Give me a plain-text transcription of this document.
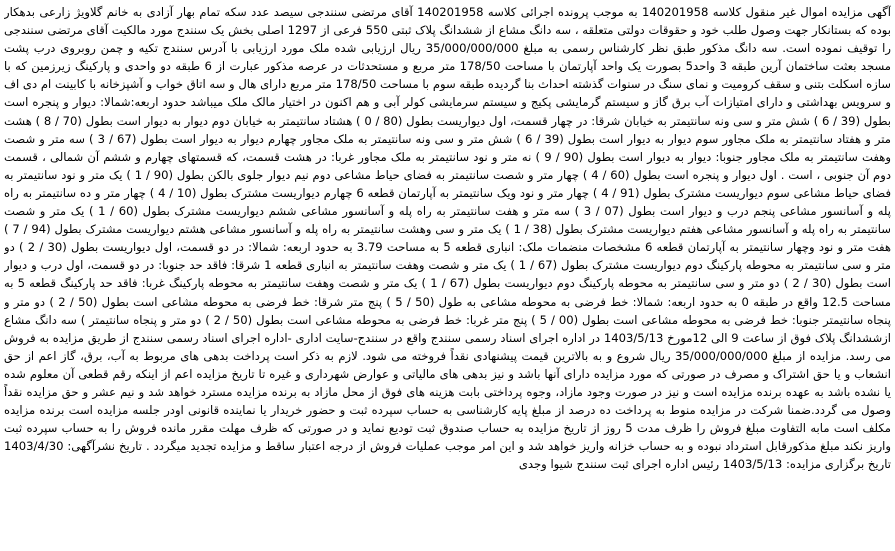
آگهی مزایده اموال غیر منقول کلاسه 140201958 به موجب پرونده اجرائی کلاسه 140201958 آقای مرتضی سنندجی سیصد عدد سکه تمام بهار آزادی به خانم گلاویژ زارعی بدهکار بوده که بستانکار جهت وصول طلب خود و حقوقات دولتی متعلقه ، سه دانگ مشاع از ششدانگ پلاک ثبتی 550 فرعی از 1297 اصلی بخش یک سنندج مورد مالکیت آقای مرتضی سنندجی را توقیف نموده است. سه دانگ مذکور طبق نظر کارشناس رسمی به مبلغ 35/000/000/000 ریال ارزیابی شده ملک مورد ارزیابی با آدرس سنندج تکیه و چمن روبروی درب پشت مسجد بعثت ساختمان آرین طبقه 3 واحد5 بصورت یک واحد آپارتمان با مساحت 178/50 متر مربع و مستحدثات در عرصه مذکور عبارت از 6 طبقه دو واحدی و پارکینگ زیرزمین که با سازه اسکلت بتنی و سقف کرومیت و نمای سنگ در سنوات گذشته احداث بنا گردیده طبقه سوم با مساحت 178/50 متر مربع دارای هال و سه اتاق خواب و آشپزخانه با کابینت ام دی اف و سرویس بهداشتی و دارای امتیازات آب برق گاز و سیستم گرمایشی پکیج و سیستم سرمایشی کولر آبی و هم اکنون در اختیار مالک ملک میباشد حدود اربعه:شمالا: دیوار و پنجره است بطول (39 / 6 ) شش متر و سی ونه سانتیمتر به خیابان شرقا: در چهار قسمت، اول دیواریست بطول (80 / 0 ) هشتاد سانتیمتر به خیابان دوم دیوار به دیوار است بطول (70 / 8 ) هشت متر و هفتاد سانتیمتر به ملک مجاور سوم دیوار به دیوار است بطول (39 / 6 ) شش متر و سی ونه سانتیمتر به ملک مجاور چهارم دیوار به دیوار است بطول (67 / 3 ) سه متر و شصت وهفت سانتیمتر به ملک مجاور جنوبا: دیوار به دیوار است بطول (90 / 9 ) نه متر و نود سانتیمتر به ملک مجاور غربا: در هشت قسمت، که قسمتهای چهارم و ششم آن شمالی ، قسمت دوم آن جنوبی ، است . اول دیوار و پنجره است بطول (60 / 4 ) چهار متر و شصت سانتیمتر به فضای حیاط مشاعی دوم نیم دیوار جلوی بالکن بطول (90 / 1 ) یک متر و نود سانتیمتر به فضای حیاط مشاعی سوم دیواریست مشترک بطول (91 / 4 ) چهار متر و نود ویک سانتیمتر به آپارتمان قطعه 6 چهارم دیواریست مشترک بطول (10 / 4 ) چهار متر و ده سانتیمتر به راه پله و آسانسور مشاعی پنجم درب و دیوار است بطول (07 / 3 ) سه متر و هفت سانتیمتر به راه پله و آسانسور مشاعی ششم دیواریست مشترک بطول (60 / 1 ) یک متر و شصت سانتیمتر به راه پله و آسانسور مشاعی هفتم دیواریست مشترک بطول (38 / 1 ) یک متر و سی وهشت سانتیمتر به راه پله و آسانسور مشاعی هشتم دیواریست مشترک بطول (94 / 7 ) هفت متر و نود وچهار سانتیمتر به آپارتمان قطعه 6 مشخصات منضمات ملک: انباری قطعه 5 به مساحت 3.79 به حدود اربعه: شمالا: در دو قسمت، اول دیواریست بطول (30 / 2 ) دو متر و سی سانتیمتر به محوطه پارکینگ دوم دیواریست مشترک بطول (67 / 1 ) یک متر و شصت وهفت سانتیمتر به انباری قطعه 1 شرقا: فاقد حد جنوبا: در دو قسمت، اول درب و دیوار است بطول (30 / 2 ) دو متر و سی سانتیمتر به محوطه پارکینگ دوم دیواریست بطول (67 / 1 ) یک متر و شصت وهفت سانتیمتر به محوطه پارکینگ غربا: فاقد حد پارکینگ قطعه 5 به مساحت 12.5 واقع در طبقه 0 به حدود اربعه: شمالا: خط فرضی به محوطه مشاعی به طول (50 / 5 ) پنج متر شرقا: خط فرضی به محوطه مشاعی است بطول (50 / 2 ) دو متر و پنجاه سانتیمتر جنوبا: خط فرضی به محوطه مشاعی است بطول (00 / 5 ) پنج متر غربا: خط فرضی به محوطه مشاعی است بطول (50 / 2 ) دو متر و پنجاه سانتیمتر ) سه دانگ مشاع ازششدانگ پلاک فوق از ساعت 9 الی 12مورخ 1403/5/13 در اداره اجرای اسناد رسمی سنندج واقع در سنندج-سایت اداری -اداره اجرای اسناد رسمی سنندج از طریق مزایده به فروش می رسد. مزایده از مبلغ 35/000/000/000 ریال شروع و به بالاترین قیمت پیشنهادی نقداً فروخته می شود. لازم به ذکر است پرداخت بدهی های مربوط به آب، برق، گاز اعم از حق انشعاب و یا حق اشتراک و مصرف در صورتی که مورد مزایده دارای آنها باشد و نیز بدهی های مالیاتی و عوارض شهرداری و غیره تا تاریخ مزایده اعم از اینکه رقم قطعی آن معلوم شده یا نشده باشد به عهده برنده مزایده است و نیز در صورت وجود مازاد، وجوه پرداختی بابت هزینه های فوق از محل مازاد به برنده مزایده مسترد خواهد شد و نیم عشر و حق مزایده نقداً وصول می گردد.ضمنا شرکت در مزایده منوط به پرداخت ده درصد از مبلغ پایه کارشناسی به حساب سپرده ثبت و حضور خریدار یا نماینده قانونی اودر جلسه مزایده است برنده مزایده مکلف است مابه التفاوت مبلغ فروش را ظرف مدت 5 روز از تاریخ مزایده به حساب صندوق ثبت تودیع نماید و در صورتی که ظرف مهلت مقرر مانده فروش را به حساب سپرده ثبت واریز نکند مبلغ مذکورقابل استرداد نبوده و به حساب خزانه واریز خواهد شد و این امر موجب عملیات فروش از درجه اعتبار ساقط و مزایده تجدید میگردد . تاریخ نشرآگهی: 1403/4/30 تاریخ برگزاری مزایده: 1403/5/13 رئیس اداره اجرای ثبت سنندج شیوا وجدی
